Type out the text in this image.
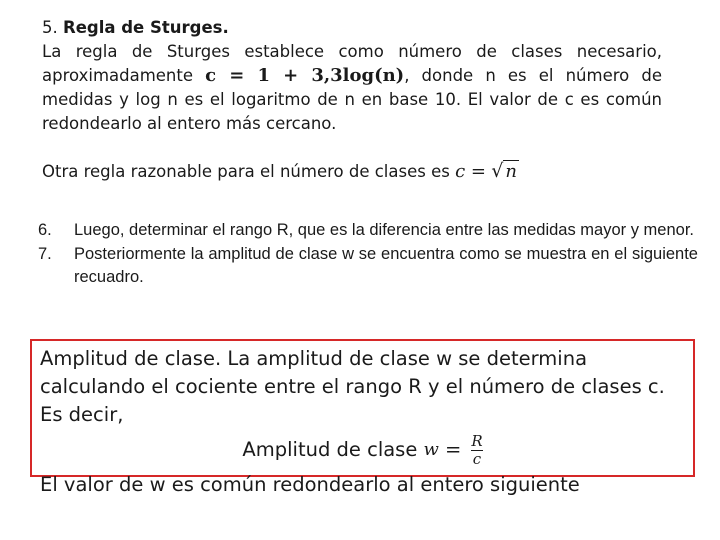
5. Regla de Sturges.
La regla de Sturges establece como número de clases necesario, aproximadamente c = 1 + 3,3log(n), donde n es el número de medidas y log n es el logaritmo de n en base 10. El valor de c es común redondearlo al entero más cercano.
Otra regla razonable para el número de clases es c = √ n
6.	Luego, determinar el rango R, que es la diferencia entre las medidas mayor y menor.
7.	Posteriormente la amplitud de clase w se encuentra como se muestra en el siguiente recuadro.
Amplitud de clase. La amplitud de clase w se determina calculando el cociente entre el rango R y el número de clases c. Es decir,
Amplitud de clase
$w = \frac{R}{c}$
El valor de w es común redondearlo al entero siguiente
